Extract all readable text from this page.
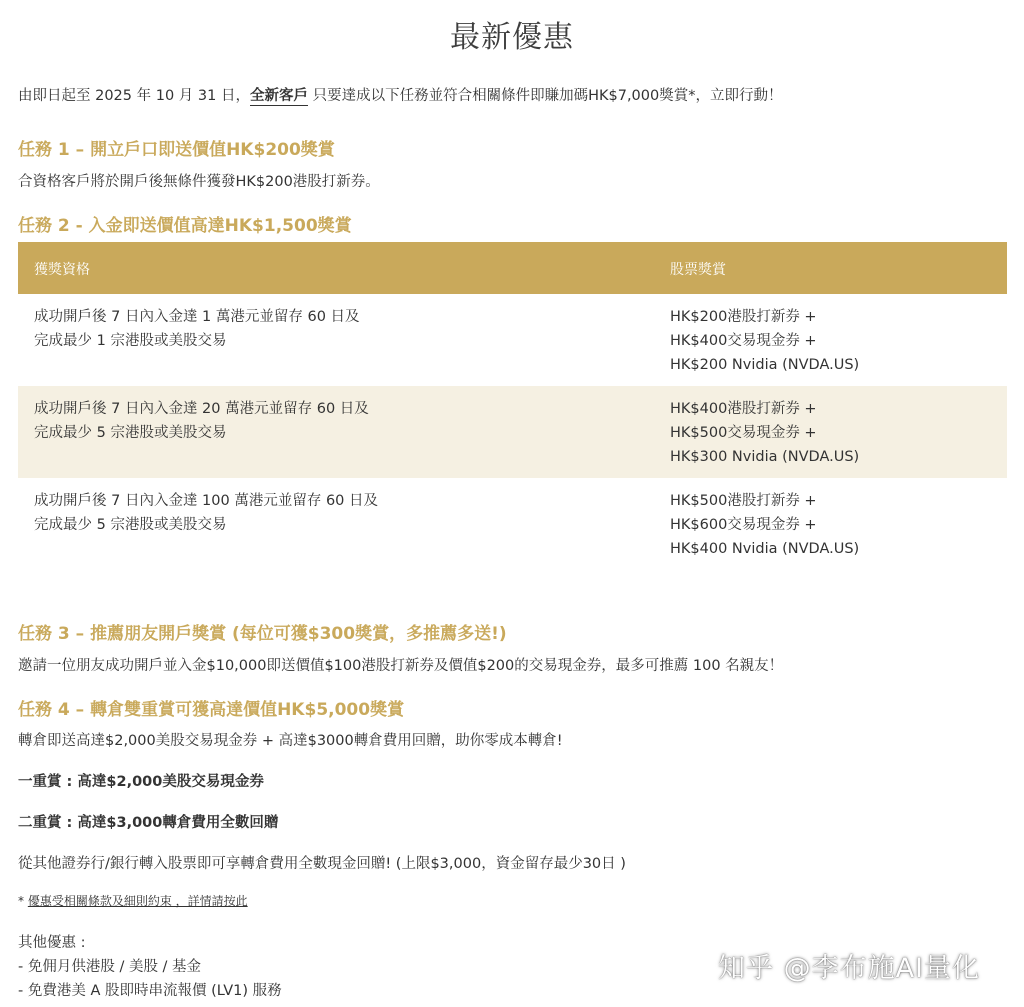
最新優惠
由即日起至 2025 年 10 月 31 日，全新客戶 只要達成以下任務並符合相關條件即賺加碼HK$7,000獎賞*，立即行動！
任務 1 – 開立戶口即送價值HK$200獎賞
合資格客戶將於開戶後無條件獲發HK$200港股打新券。
任務 2 - 入金即送價值高達HK$1,500獎賞
獲獎資格	股票獎賞
成功開戶後 7 日內入金達 1 萬港元並留存 60 日及
完成最少 1 宗港股或美股交易
HK$200港股打新券 +
HK$400交易現金券 +
HK$200 Nvidia (NVDA.US)
成功開戶後 7 日內入金達 20 萬港元並留存 60 日及
完成最少 5 宗港股或美股交易
HK$400港股打新券 +
HK$500交易現金券 +
HK$300 Nvidia (NVDA.US)
成功開戶後 7 日內入金達 100 萬港元並留存 60 日及
完成最少 5 宗港股或美股交易
HK$500港股打新券 +
HK$600交易現金券 +
HK$400 Nvidia (NVDA.US)
任務 3 – 推薦朋友開戶獎賞 (每位可獲$300獎賞，多推薦多送!)
邀請一位朋友成功開戶並入金$10,000即送價值$100港股打新券及價值$200的交易現金券，最多可推薦 100 名親友！
任務 4 – 轉倉雙重賞可獲高達價值HK$5,000獎賞
轉倉即送高達$2,000美股交易現金券 + 高達$3000轉倉費用回贈，助你零成本轉倉!
一重賞 : 高達$2,000美股交易現金券
二重賞 : 高達$3,000轉倉費用全數回贈
從其他證券行/銀行轉入股票即可享轉倉費用全數現金回贈! (上限$3,000，資金留存最少30日 )
* 優惠受相關條款及細則約束 ，詳情請按此
其他優惠 :
- 免佣月供港股 / 美股 / 基金
- 免費港美 A 股即時串流報價 (LV1) 服務
知乎 @李布施AI量化
